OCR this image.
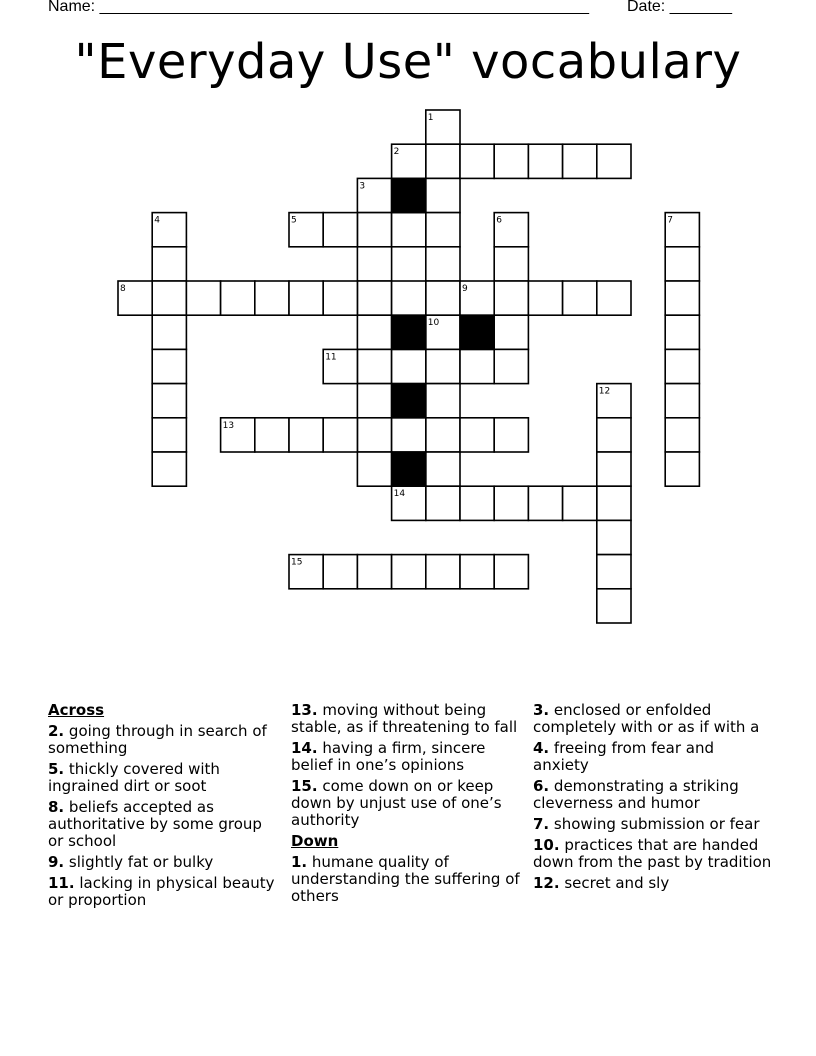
Name: _______________________________________________________ Date: _______
"Everyday Use" vocabulary
1
2
3
4	5	6	7
8	9
10
11
12
13
14
15
Across
2. going through in search of something
5. thickly covered with ingrained dirt or soot
8. beliefs accepted as authoritative by some group or school
9. slightly fat or bulky
11. lacking in physical beauty or proportion
13. moving without being stable, as if threatening to fall
14. having a firm, sincere belief in one’s opinions
15. come down on or keep down by unjust use of one’s authority
Down
1. humane quality of understanding the suffering of others
3. enclosed or enfolded completely with or as if with a
4. freeing from fear and anxiety
6. demonstrating a striking cleverness and humor
7. showing submission or fear
10. practices that are handed down from the past by tradition
12. secret and sly
